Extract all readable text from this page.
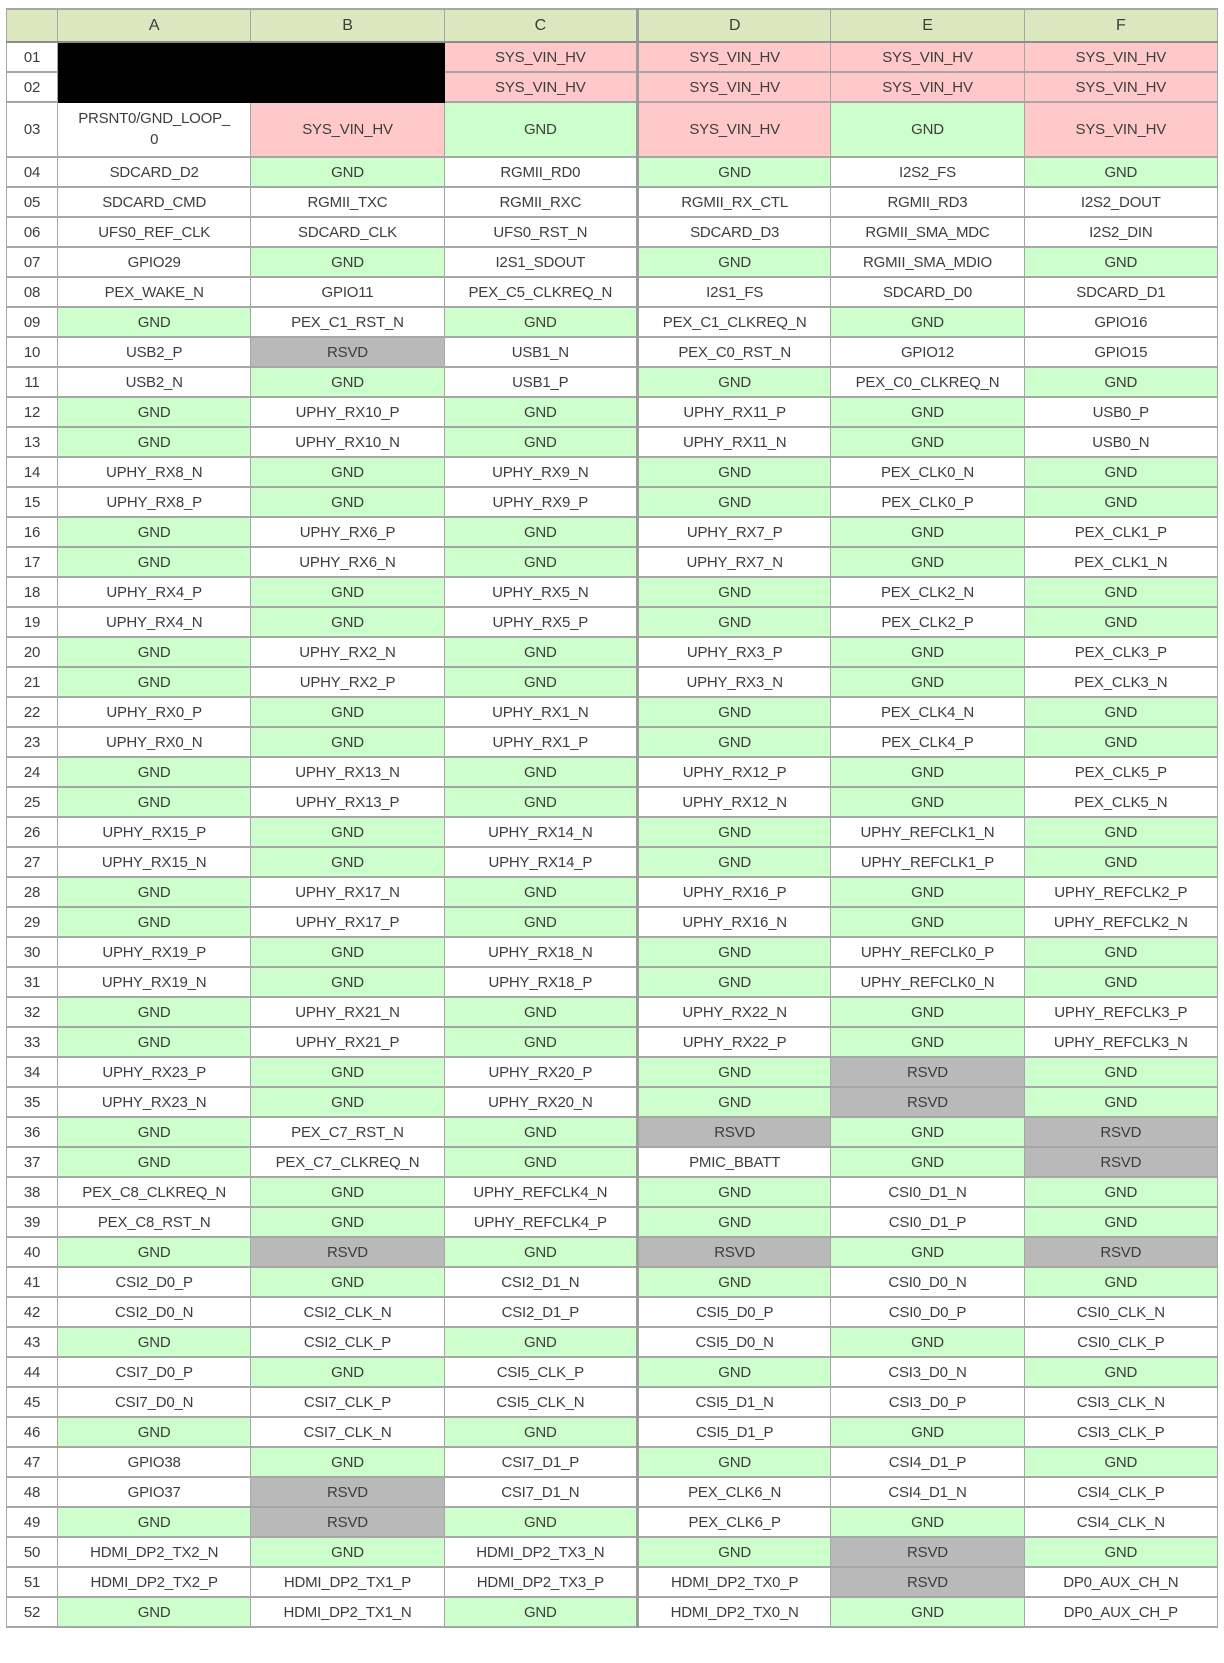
	A	B	C	D	E	F
01			SYS_VIN_HV	SYS_VIN_HV	SYS_VIN_HV	SYS_VIN_HV
02			SYS_VIN_HV	SYS_VIN_HV	SYS_VIN_HV	SYS_VIN_HV
03	PRSNT0/GND_LOOP_0	SYS_VIN_HV	GND	SYS_VIN_HV	GND	SYS_VIN_HV
04	SDCARD_D2	GND	RGMII_RD0	GND	I2S2_FS	GND
05	SDCARD_CMD	RGMII_TXC	RGMII_RXC	RGMII_RX_CTL	RGMII_RD3	I2S2_DOUT
06	UFS0_REF_CLK	SDCARD_CLK	UFS0_RST_N	SDCARD_D3	RGMII_SMA_MDC	I2S2_DIN
07	GPIO29	GND	I2S1_SDOUT	GND	RGMII_SMA_MDIO	GND
08	PEX_WAKE_N	GPIO11	PEX_C5_CLKREQ_N	I2S1_FS	SDCARD_D0	SDCARD_D1
09	GND	PEX_C1_RST_N	GND	PEX_C1_CLKREQ_N	GND	GPIO16
10	USB2_P	RSVD	USB1_N	PEX_C0_RST_N	GPIO12	GPIO15
11	USB2_N	GND	USB1_P	GND	PEX_C0_CLKREQ_N	GND
12	GND	UPHY_RX10_P	GND	UPHY_RX11_P	GND	USB0_P
13	GND	UPHY_RX10_N	GND	UPHY_RX11_N	GND	USB0_N
14	UPHY_RX8_N	GND	UPHY_RX9_N	GND	PEX_CLK0_N	GND
15	UPHY_RX8_P	GND	UPHY_RX9_P	GND	PEX_CLK0_P	GND
16	GND	UPHY_RX6_P	GND	UPHY_RX7_P	GND	PEX_CLK1_P
17	GND	UPHY_RX6_N	GND	UPHY_RX7_N	GND	PEX_CLK1_N
18	UPHY_RX4_P	GND	UPHY_RX5_N	GND	PEX_CLK2_N	GND
19	UPHY_RX4_N	GND	UPHY_RX5_P	GND	PEX_CLK2_P	GND
20	GND	UPHY_RX2_N	GND	UPHY_RX3_P	GND	PEX_CLK3_P
21	GND	UPHY_RX2_P	GND	UPHY_RX3_N	GND	PEX_CLK3_N
22	UPHY_RX0_P	GND	UPHY_RX1_N	GND	PEX_CLK4_N	GND
23	UPHY_RX0_N	GND	UPHY_RX1_P	GND	PEX_CLK4_P	GND
24	GND	UPHY_RX13_N	GND	UPHY_RX12_P	GND	PEX_CLK5_P
25	GND	UPHY_RX13_P	GND	UPHY_RX12_N	GND	PEX_CLK5_N
26	UPHY_RX15_P	GND	UPHY_RX14_N	GND	UPHY_REFCLK1_N	GND
27	UPHY_RX15_N	GND	UPHY_RX14_P	GND	UPHY_REFCLK1_P	GND
28	GND	UPHY_RX17_N	GND	UPHY_RX16_P	GND	UPHY_REFCLK2_P
29	GND	UPHY_RX17_P	GND	UPHY_RX16_N	GND	UPHY_REFCLK2_N
30	UPHY_RX19_P	GND	UPHY_RX18_N	GND	UPHY_REFCLK0_P	GND
31	UPHY_RX19_N	GND	UPHY_RX18_P	GND	UPHY_REFCLK0_N	GND
32	GND	UPHY_RX21_N	GND	UPHY_RX22_N	GND	UPHY_REFCLK3_P
33	GND	UPHY_RX21_P	GND	UPHY_RX22_P	GND	UPHY_REFCLK3_N
34	UPHY_RX23_P	GND	UPHY_RX20_P	GND	RSVD	GND
35	UPHY_RX23_N	GND	UPHY_RX20_N	GND	RSVD	GND
36	GND	PEX_C7_RST_N	GND	RSVD	GND	RSVD
37	GND	PEX_C7_CLKREQ_N	GND	PMIC_BBATT	GND	RSVD
38	PEX_C8_CLKREQ_N	GND	UPHY_REFCLK4_N	GND	CSI0_D1_N	GND
39	PEX_C8_RST_N	GND	UPHY_REFCLK4_P	GND	CSI0_D1_P	GND
40	GND	RSVD	GND	RSVD	GND	RSVD
41	CSI2_D0_P	GND	CSI2_D1_N	GND	CSI0_D0_N	GND
42	CSI2_D0_N	CSI2_CLK_N	CSI2_D1_P	CSI5_D0_P	CSI0_D0_P	CSI0_CLK_N
43	GND	CSI2_CLK_P	GND	CSI5_D0_N	GND	CSI0_CLK_P
44	CSI7_D0_P	GND	CSI5_CLK_P	GND	CSI3_D0_N	GND
45	CSI7_D0_N	CSI7_CLK_P	CSI5_CLK_N	CSI5_D1_N	CSI3_D0_P	CSI3_CLK_N
46	GND	CSI7_CLK_N	GND	CSI5_D1_P	GND	CSI3_CLK_P
47	GPIO38	GND	CSI7_D1_P	GND	CSI4_D1_P	GND
48	GPIO37	RSVD	CSI7_D1_N	PEX_CLK6_N	CSI4_D1_N	CSI4_CLK_P
49	GND	RSVD	GND	PEX_CLK6_P	GND	CSI4_CLK_N
50	HDMI_DP2_TX2_N	GND	HDMI_DP2_TX3_N	GND	RSVD	GND
51	HDMI_DP2_TX2_P	HDMI_DP2_TX1_P	HDMI_DP2_TX3_P	HDMI_DP2_TX0_P	RSVD	DP0_AUX_CH_N
52	GND	HDMI_DP2_TX1_N	GND	HDMI_DP2_TX0_N	GND	DP0_AUX_CH_P
